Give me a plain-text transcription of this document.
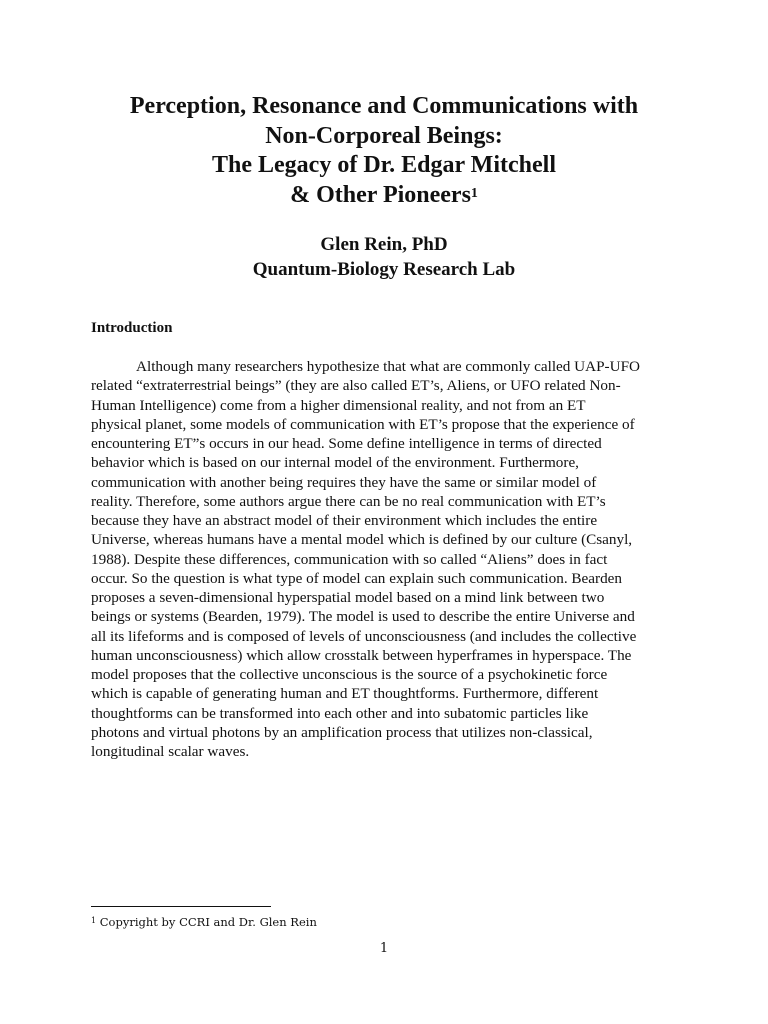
Perception, Resonance and Communications with
Non-Corporeal Beings:
The Legacy of Dr. Edgar Mitchell
& Other Pioneers$^1$
Glen Rein, PhD
Quantum-Biology Research Lab
Introduction
Although many researchers hypothesize that what are commonly called UAP-UFO
related “extraterrestrial beings” (they are also called ET’s, Aliens, or UFO related Non-
Human Intelligence) come from a higher dimensional reality, and not from an ET
physical planet, some models of communication with ET’s propose that the experience of
encountering ET”s occurs in our head. Some define intelligence in terms of directed
behavior which is based on our internal model of the environment. Furthermore,
communication with another being requires they have the same or similar model of
reality. Therefore, some authors argue there can be no real communication with ET’s
because they have an abstract model of their environment which includes the entire
Universe, whereas humans have a mental model which is defined by our culture (Csanyl,
1988). Despite these differences, communication with so called “Aliens” does in fact
occur. So the question is what type of model can explain such communication. Bearden
proposes a seven-dimensional hyperspatial model based on a mind link between two
beings or systems (Bearden, 1979). The model is used to describe the entire Universe and
all its lifeforms and is composed of levels of unconsciousness (and includes the collective
human unconsciousness) which allow crosstalk between hyperframes in hyperspace. The
model proposes that the collective unconscious is the source of a psychokinetic force
which is capable of generating human and ET thoughtforms. Furthermore, different
thoughtforms can be transformed into each other and into subatomic particles like
photons and virtual photons by an amplification process that utilizes non-classical,
longitudinal scalar waves.

$^1$ Copyright by CCRI and Dr. Glen Rein

1
